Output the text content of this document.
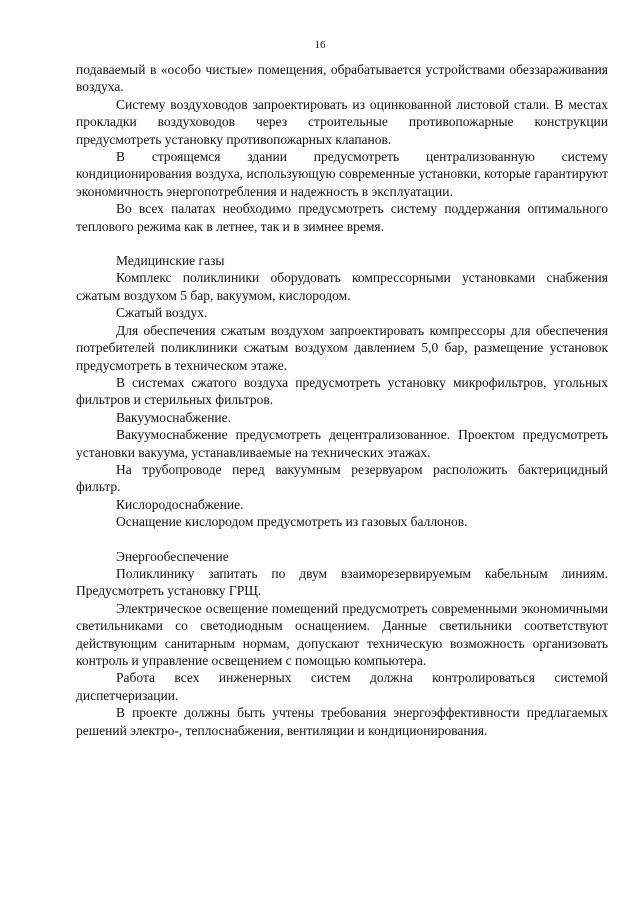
16
подаваемый в «особо чистые» помещения, обрабатывается устройствами обеззараживания воздуха.
Систему воздуховодов запроектировать из оцинкованной листовой стали. В местах прокладки воздуховодов через строительные противопожарные конструкции предусмотреть установку противопожарных клапанов.
В строящемся здании предусмотреть централизованную систему кондиционирования воздуха, использующую современные установки, которые гарантируют экономичность энергопотребления и надежность в эксплуатации.
Во всех палатах необходимо предусмотреть систему поддержания оптимального теплового режима как в летнее, так и в зимнее время.
Медицинские газы
Комплекс поликлиники оборудовать компрессорными установками снабжения сжатым воздухом 5 бар, вакуумом, кислородом.
Сжатый воздух.
Для обеспечения сжатым воздухом запроектировать компрессоры для обеспечения потребителей поликлиники сжатым воздухом давлением 5,0 бар, размещение установок предусмотреть в техническом этаже.
В системах сжатого воздуха предусмотреть установку микрофильтров, угольных фильтров и стерильных фильтров.
Вакуумоснабжение.
Вакуумоснабжение предусмотреть децентрализованное. Проектом предусмотреть установки вакуума, устанавливаемые на технических этажах.
На трубопроводе перед вакуумным резервуаром расположить бактерицидный фильтр.
Кислородоснабжение.
Оснащение кислородом предусмотреть из газовых баллонов.
Энергообеспечение
Поликлинику запитать по двум взаиморезервируемым кабельным линиям. Предусмотреть установку ГРЩ.
Электрическое освещение помещений предусмотреть современными экономичными светильниками со светодиодным оснащением. Данные светильники соответствуют действующим санитарным нормам, допускают техническую возможность организовать контроль и управление освещением с помощью компьютера.
Работа всех инженерных систем должна контролироваться системой диспетчеризации.
В проекте должны быть учтены требования энергоэффективности предлагаемых решений электро-, теплоснабжения, вентиляции и кондиционирования.
